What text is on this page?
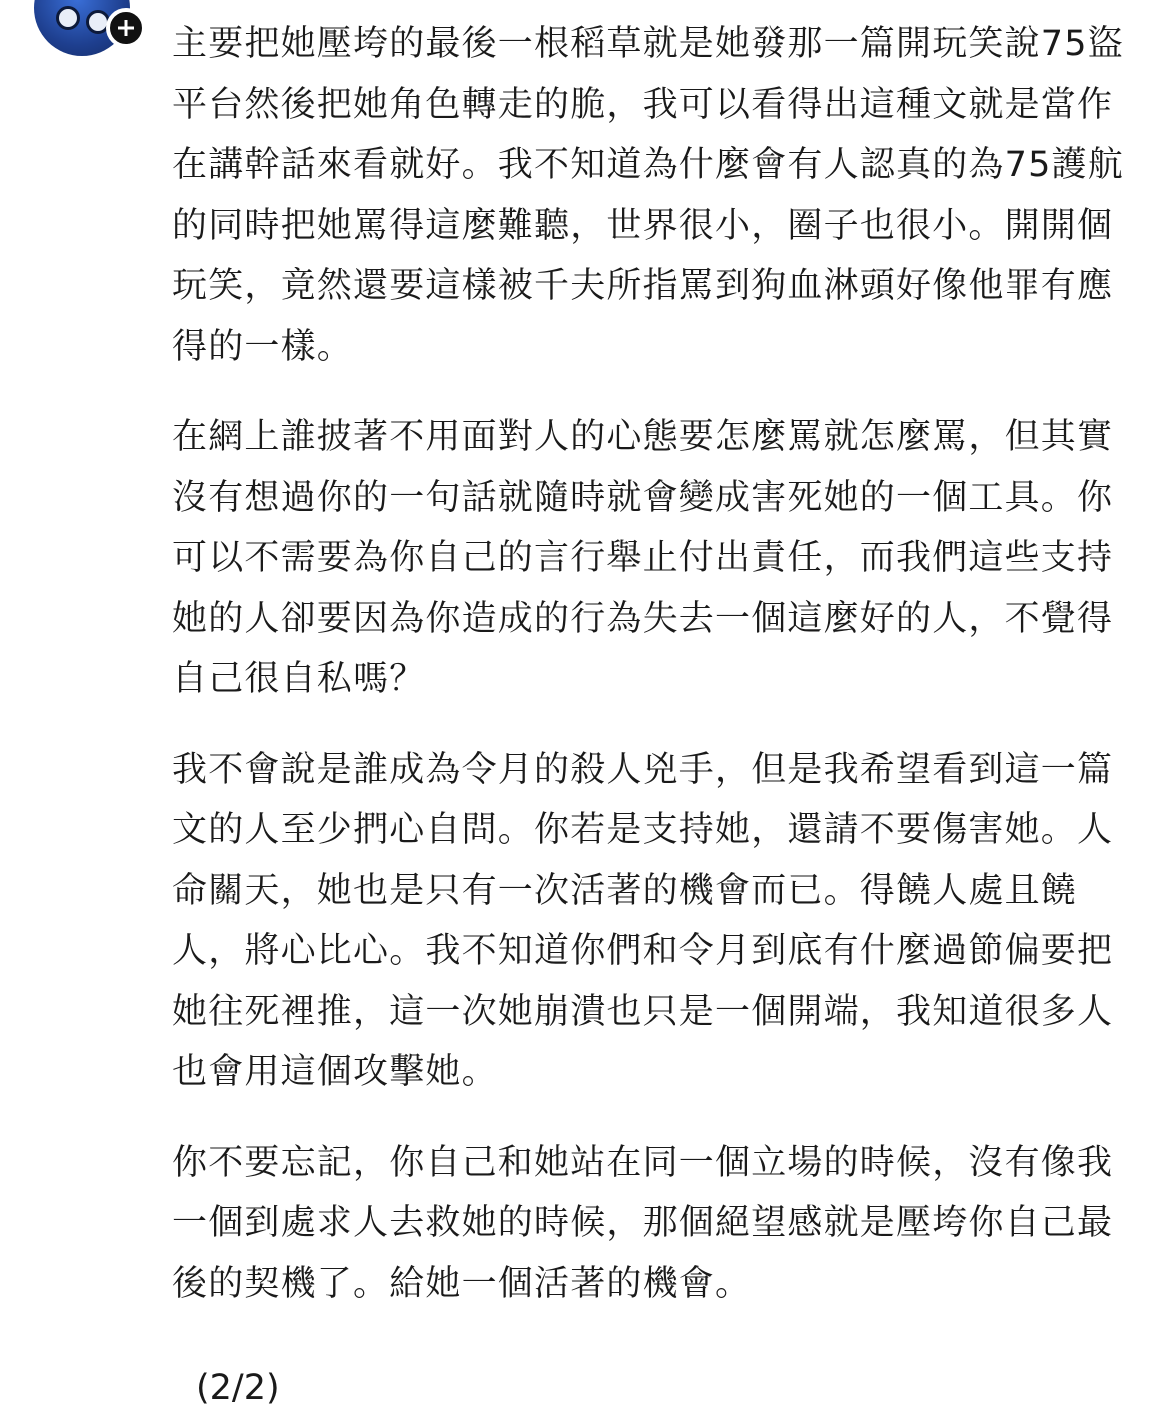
主要把她壓垮的最後一根稻草就是她發那一篇開玩笑說75盜平台然後把她角色轉走的脆，我可以看得出這種文就是當作在講幹話來看就好。我不知道為什麼會有人認真的為75護航的同時把她罵得這麼難聽，世界很小，圈子也很小。開開個玩笑，竟然還要這樣被千夫所指罵到狗血淋頭好像他罪有應得的一樣。

在網上誰披著不用面對人的心態要怎麼罵就怎麼罵，但其實沒有想過你的一句話就隨時就會變成害死她的一個工具。你可以不需要為你自己的言行舉止付出責任，而我們這些支持她的人卻要因為你造成的行為失去一個這麼好的人，不覺得自己很自私嗎？

我不會說是誰成為令月的殺人兇手，但是我希望看到這一篇文的人至少捫心自問。你若是支持她，還請不要傷害她。人命關天，她也是只有一次活著的機會而已。得饒人處且饒人，將心比心。我不知道你們和令月到底有什麼過節偏要把她往死裡推，這一次她崩潰也只是一個開端，我知道很多人也會用這個攻擊她。

你不要忘記，你自己和她站在同一個立場的時候，沒有像我一個到處求人去救她的時候，那個絕望感就是壓垮你自己最後的契機了。給她一個活著的機會。

(2/2)
